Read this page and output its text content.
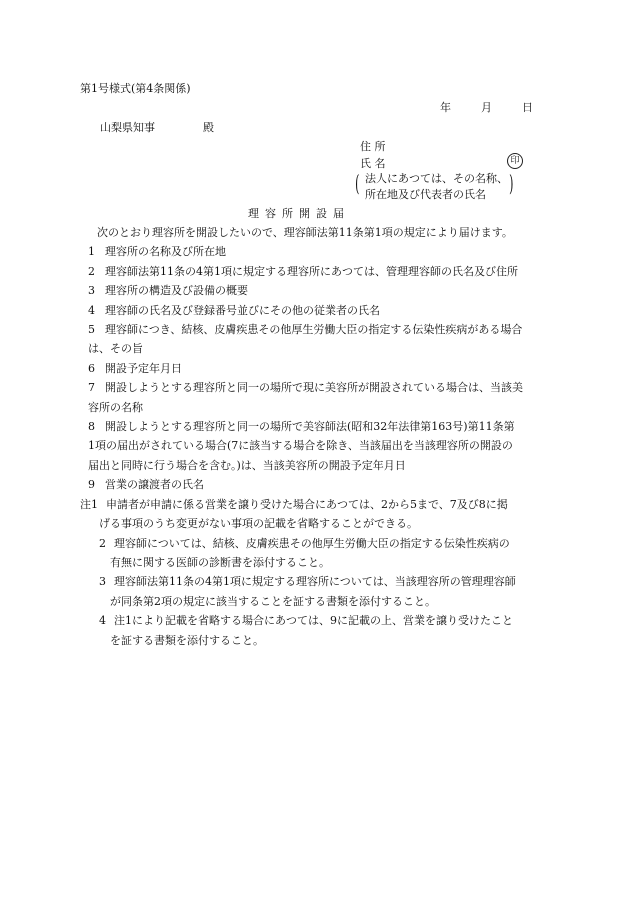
第1号様式(第4条関係)
年	月	日
山梨県知事	殿
住 所
氏 名	印
( 法人にあつては、その名称、
所在地及び代表者の氏名 )
理容所開設届

次のとおり理容所を開設したいので、理容師法第11条第1項の規定により届けます。

1 理容所の名称及び所在地

2 理容師法第11条の4第1項に規定する理容所にあつては、管理理容師の氏名及び住所

3 理容所の構造及び設備の概要

4 理容師の氏名及び登録番号並びにその他の従業者の氏名

5 理容師につき、結核、皮膚疾患その他厚生労働大臣の指定する伝染性疾病がある場合

は、その旨

6 開設予定年月日

7 開設しようとする理容所と同一の場所で現に美容所が開設されている場合は、当該美

容所の名称

8 開設しようとする理容所と同一の場所で美容師法(昭和32年法律第163号)第11条第

1項の届出がされている場合(7に該当する場合を除き、当該届出を当該理容所の開設の

届出と同時に行う場合を含む。)は、当該美容所の開設予定年月日

9 営業の譲渡者の氏名

注1 申請者が申請に係る営業を譲り受けた場合にあつては、2から5まで、7及び8に掲

げる事項のうち変更がない事項の記載を省略することができる。

2 理容師については、結核、皮膚疾患その他厚生労働大臣の指定する伝染性疾病の

有無に関する医師の診断書を添付すること。

3 理容師法第11条の4第1項に規定する理容所については、当該理容所の管理理容師

が同条第2項の規定に該当することを証する書類を添付すること。

4 注1により記載を省略する場合にあつては、9に記載の上、営業を譲り受けたこと

を証する書類を添付すること。
